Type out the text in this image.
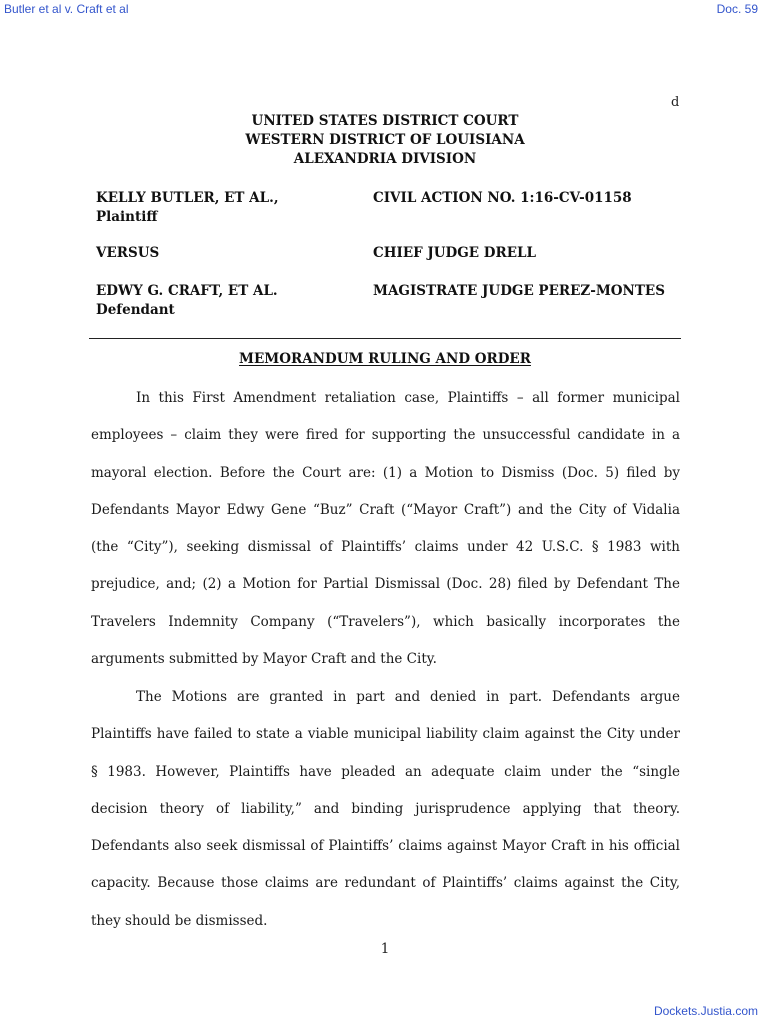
Butler et al v. Craft et al	Doc. 59
d
UNITED STATES DISTRICT COURT
WESTERN DISTRICT OF LOUISIANA
ALEXANDRIA DIVISION
KELLY BUTLER, ET AL.,
Plaintiff
CIVIL ACTION NO. 1:16-CV-01158
VERSUS	CHIEF JUDGE DRELL
EDWY G. CRAFT, ET AL.
Defendant
MAGISTRATE JUDGE PEREZ-MONTES
MEMORANDUM RULING AND ORDER

In this First Amendment retaliation case, Plaintiffs – all former municipal employees – claim they were fired for supporting the unsuccessful candidate in a mayoral election. Before the Court are: (1) a Motion to Dismiss (Doc. 5) filed by Defendants Mayor Edwy Gene “Buz” Craft (“Mayor Craft”) and the City of Vidalia (the “City”), seeking dismissal of Plaintiffs’ claims under 42 U.S.C. § 1983 with prejudice, and; (2) a Motion for Partial Dismissal (Doc. 28) filed by Defendant The Travelers Indemnity Company (“Travelers”), which basically incorporates the arguments submitted by Mayor Craft and the City.

The Motions are granted in part and denied in part. Defendants argue Plaintiffs have failed to state a viable municipal liability claim against the City under § 1983. However, Plaintiffs have pleaded an adequate claim under the “single decision theory of liability,” and binding jurisprudence applying that theory. Defendants also seek dismissal of Plaintiffs’ claims against Mayor Craft in his official capacity. Because those claims are redundant of Plaintiffs’ claims against the City, they should be dismissed.

1
Dockets.Justia.com
